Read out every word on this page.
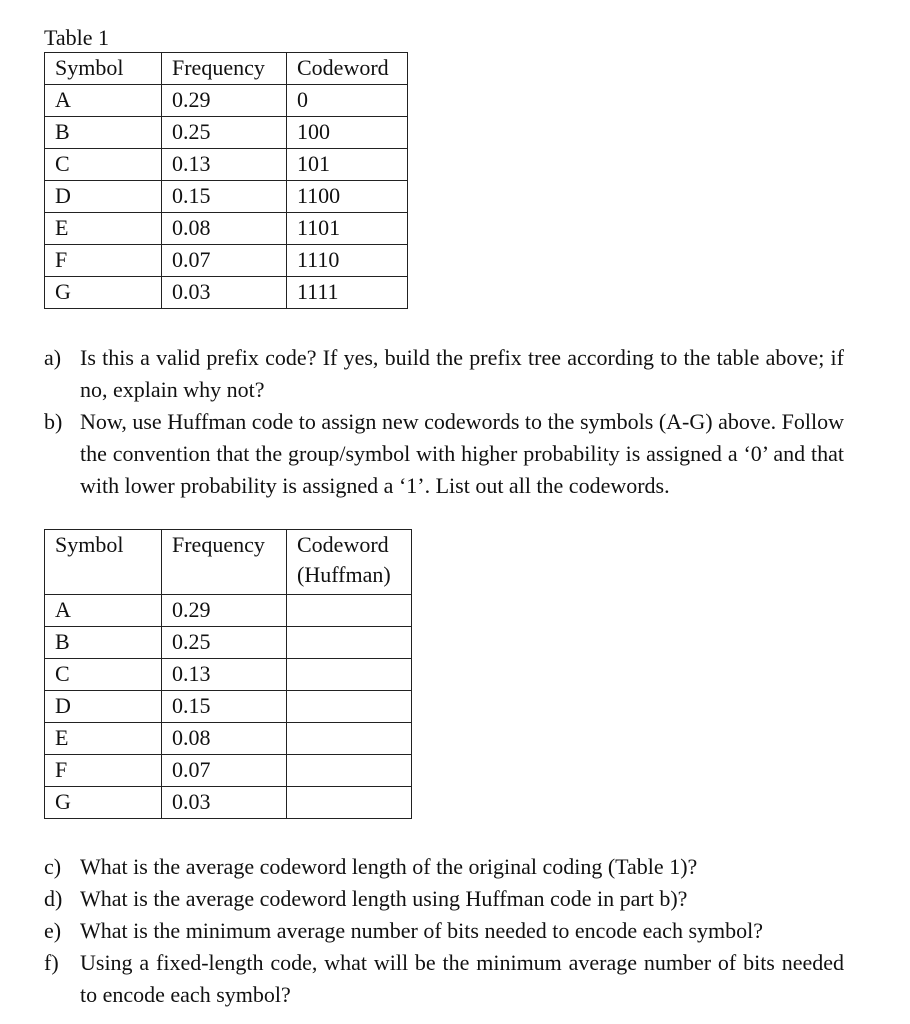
Table 1
Symbol	Frequency	Codeword
A	0.29	0
B	0.25	100
C	0.13	101
D	0.15	1100
E	0.08	1101
F	0.07	1110
G	0.03	1111
a) Is this a valid prefix code? If yes, build the prefix tree according to the table above; if no, explain why not?
b) Now, use Huffman code to assign new codewords to the symbols (A-G) above. Follow the convention that the group/symbol with higher probability is assigned a ‘0’ and that with lower probability is assigned a ‘1’. List out all the codewords.
Symbol	Frequency	Codeword (Huffman)
A	0.29	
B	0.25	
C	0.13	
D	0.15	
E	0.08	
F	0.07	
G	0.03	
c) What is the average codeword length of the original coding (Table 1)?
d) What is the average codeword length using Huffman code in part b)?
e) What is the minimum average number of bits needed to encode each symbol?
f) Using a fixed-length code, what will be the minimum average number of bits needed to encode each symbol?
